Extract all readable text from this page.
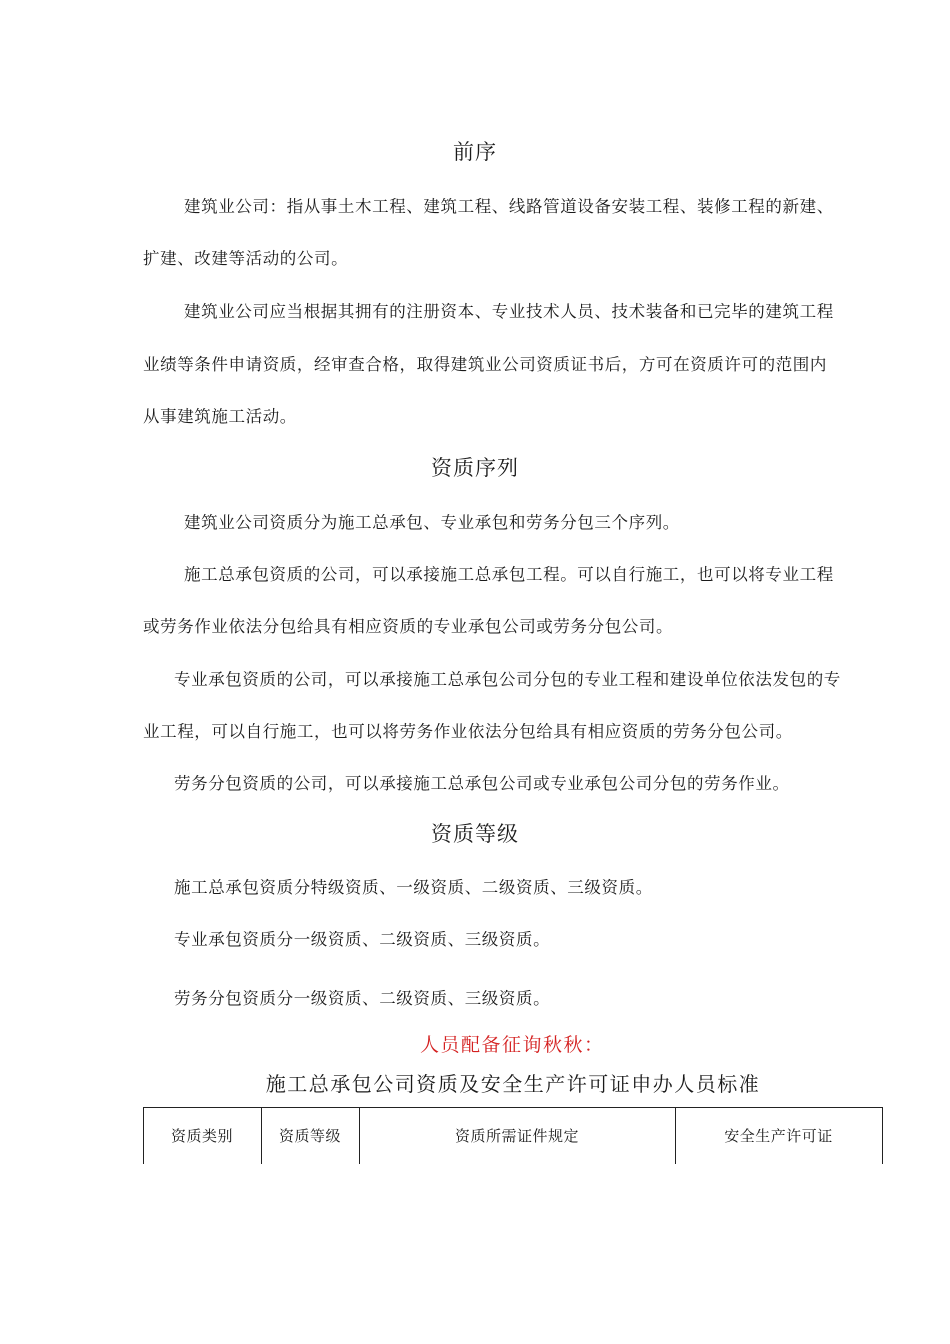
前序
建筑业公司：指从事土木工程、建筑工程、线路管道设备安装工程、装修工程的新建、
扩建、改建等活动的公司。
建筑业公司应当根据其拥有的注册资本、专业技术人员、技术装备和已完毕的建筑工程
业绩等条件申请资质，经审查合格，取得建筑业公司资质证书后，方可在资质许可的范围内
从事建筑施工活动。
资质序列
建筑业公司资质分为施工总承包、专业承包和劳务分包三个序列。
施工总承包资质的公司，可以承接施工总承包工程。可以自行施工，也可以将专业工程
或劳务作业依法分包给具有相应资质的专业承包公司或劳务分包公司。
专业承包资质的公司，可以承接施工总承包公司分包的专业工程和建设单位依法发包的专
业工程，可以自行施工，也可以将劳务作业依法分包给具有相应资质的劳务分包公司。
劳务分包资质的公司，可以承接施工总承包公司或专业承包公司分包的劳务作业。
资质等级
施工总承包资质分特级资质、一级资质、二级资质、三级资质。
专业承包资质分一级资质、二级资质、三级资质。
劳务分包资质分一级资质、二级资质、三级资质。
人员配备征询秋秋：
施工总承包公司资质及安全生产许可证申办人员标准
资质类别	资质等级	资质所需证件规定	安全生产许可证
